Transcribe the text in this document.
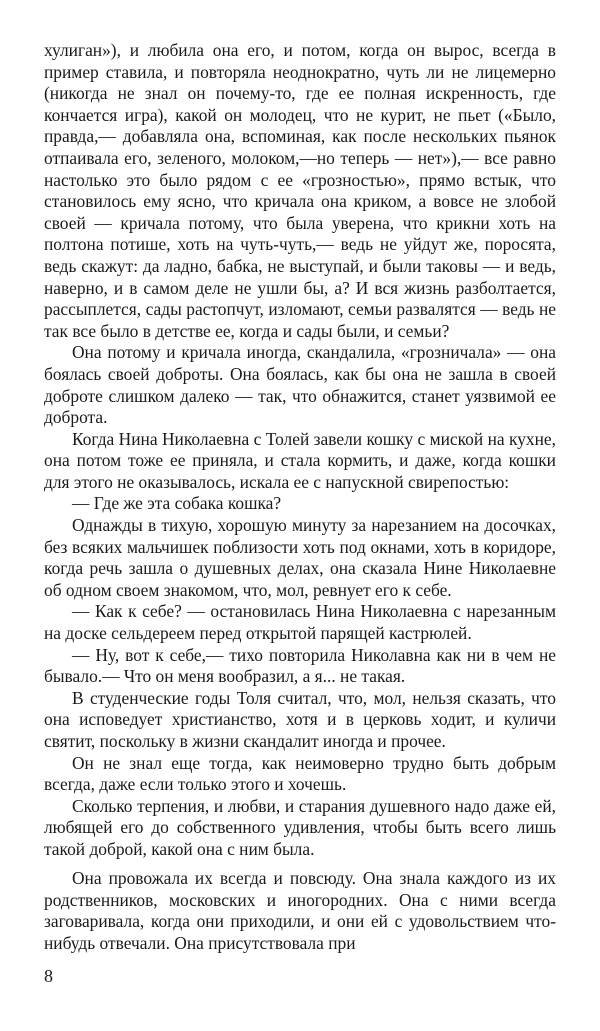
хулиган»), и любила она его, и потом, когда он вырос, всегда в пример ставила, и повторяла неоднократно, чуть ли не лицемерно (никогда не знал он почему-то, где ее полная искренность, где кончается игра), какой он молодец, что не курит, не пьет («Было, правда,— добавляла она, вспоминая, как после нескольких пьянок отпаивала его, зеленого, молоком,—но теперь — нет»),— все равно настолько это было рядом с ее «грозностью», прямо встык, что становилось ему ясно, что кричала она криком, а вовсе не злобой своей — кричала потому, что была уверена, что крикни хоть на полтона потише, хоть на чуть-чуть,— ведь не уйдут же, поросята, ведь скажут: да ладно, бабка, не выступай, и были таковы — и ведь, наверно, и в самом деле не ушли бы, а? И вся жизнь разболтается, рассыплется, сады растопчут, изломают, семьи развалятся — ведь не так все было в детстве ее, когда и сады были, и семьи?

Она потому и кричала иногда, скандалила, «грозничала» — она боялась своей доброты. Она боялась, как бы она не зашла в своей доброте слишком далеко — так, что обнажится, станет уязвимой ее доброта.

Когда Нина Николаевна с Толей завели кошку с миской на кухне, она потом тоже ее приняла, и стала кормить, и даже, когда кошки для этого не оказывалось, искала ее с напускной свирепостью:

— Где же эта собака кошка?

Однажды в тихую, хорошую минуту за нарезанием на досочках, без всяких мальчишек поблизости хоть под окнами, хоть в коридоре, когда речь зашла о душевных делах, она сказала Нине Николаевне об одном своем знакомом, что, мол, ревнует его к себе.

— Как к себе? — остановилась Нина Николаевна с нарезанным на доске сельдереем перед открытой парящей кастрюлей.

— Ну, вот к себе,— тихо повторила Николавна как ни в чем не бывало.— Что он меня вообразил, а я... не такая.

В студенческие годы Толя считал, что, мол, нельзя сказать, что она исповедует христианство, хотя и в церковь ходит, и куличи святит, поскольку в жизни скандалит иногда и прочее.

Он не знал еще тогда, как неимоверно трудно быть добрым всегда, даже если только этого и хочешь.

Сколько терпения, и любви, и старания душевного надо даже ей, любящей его до собственного удивления, чтобы быть всего лишь такой доброй, какой она с ним была.

Она провожала их всегда и повсюду. Она знала каждого из их родственников, московских и иногородних. Она с ними всегда заговаривала, когда они приходили, и они ей с удовольствием что-нибудь отвечали. Она присутствовала при

8
